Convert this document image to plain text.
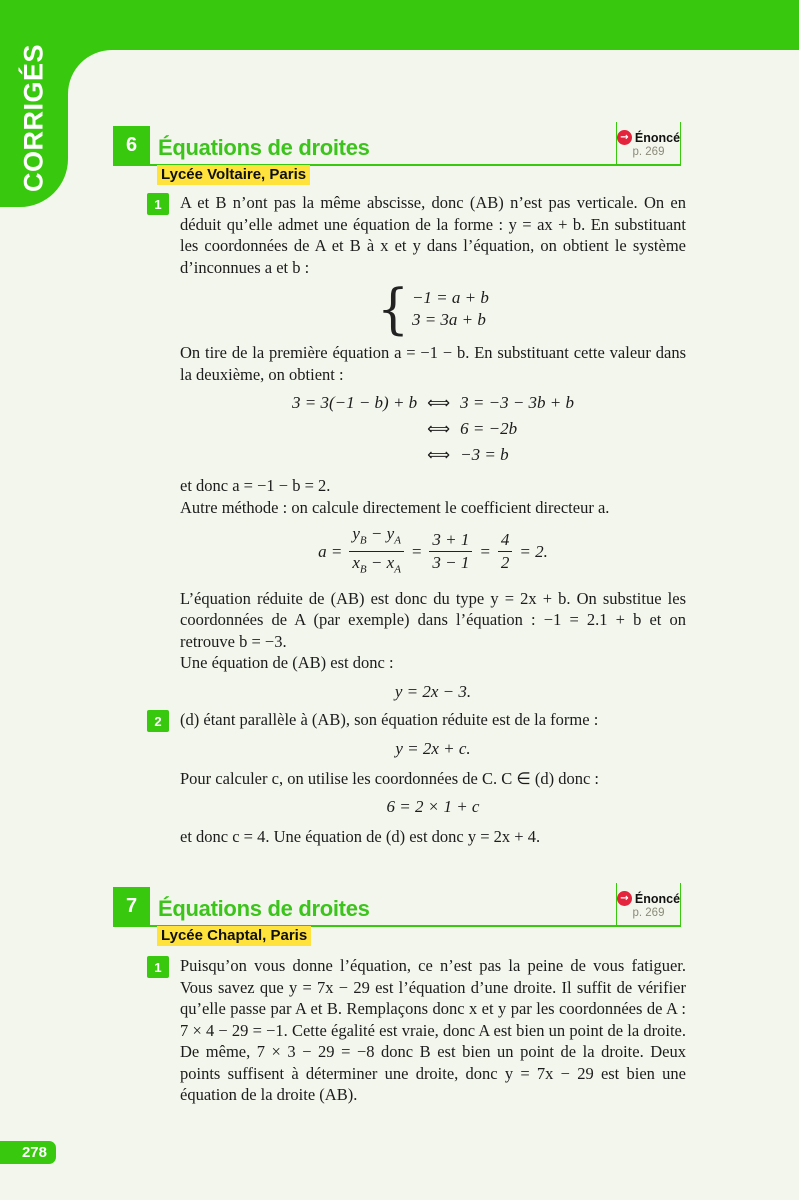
CORRIGÉS	6 Équations de droites	→ Énoncé
p. 269
Lycée Voltaire, Paris
1	A et B n’ont pas la même abscisse, donc (AB) n’est pas verticale. On en déduit qu’elle admet une équation de la forme : y = ax + b. En substituant les coordonnées de A et B à x et y dans l’équation, on obtient le système d’inconnues a et b :

{ −1 = a + b
3 = 3a + b

On tire de la première équation a = −1 − b. En substituant cette valeur dans la deuxième, on obtient :

3 = 3(−1 − b) + b ⟺ 3 = −3 − 3b + b
⟺ 6 = −2b
⟺ −3 = b

et donc a = −1 − b = 2.

Autre méthode : on calcule directement le coefficient directeur a.

$a = \frac{y_B - y_A}{x_B - x_A} = \frac{3 + 1}{3 - 1} = \frac{4}{2} = 2$.

L’équation réduite de (AB) est donc du type y = 2x + b. On substitue les coordonnées de A (par exemple) dans l’équation : −1 = 2.1 + b et on retrouve b = −3.

Une équation de (AB) est donc :

y = 2x − 3.
2	(d) étant parallèle à (AB), son équation réduite est de la forme :

y = 2x + c.

Pour calculer c, on utilise les coordonnées de C. C ∈ (d) donc :

6 = 2 × 1 + c

et donc c = 4. Une équation de (d) est donc y = 2x + 4.

7 Équations de droites	→ Énoncé
p. 269
Lycée Chaptal, Paris
1	Puisqu’on vous donne l’équation, ce n’est pas la peine de vous fatiguer. Vous savez que y = 7x − 29 est l’équation d’une droite. Il suffit de vérifier qu’elle passe par A et B. Remplaçons donc x et y par les coordonnées de A : 7 × 4 − 29 = −1. Cette égalité est vraie, donc A est bien un point de la droite. De même, 7 × 3 − 29 = −8 donc B est bien un point de la droite. Deux points suffisent à déterminer une droite, donc y = 7x − 29 est bien une équation de la droite (AB).

278
